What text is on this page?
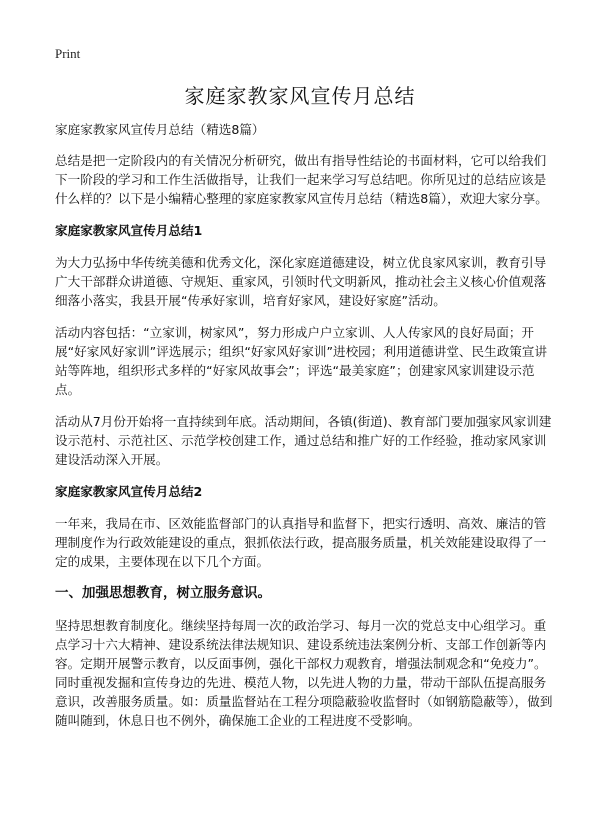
Print
家庭家教家风宣传月总结

家庭家教家风宣传月总结（精选8篇）

总结是把一定阶段内的有关情况分析研究，做出有指导性结论的书面材料，它可以给我们下一阶段的学习和工作生活做指导，让我们一起来学习写总结吧。你所见过的总结应该是什么样的？以下是小编精心整理的家庭家教家风宣传月总结（精选8篇），欢迎大家分享。

家庭家教家风宣传月总结1

为大力弘扬中华传统美德和优秀文化，深化家庭道德建设，树立优良家风家训，教育引导广大干部群众讲道德、守规矩、重家风，引领时代文明新风，推动社会主义核心价值观落细落小落实，我县开展“传承好家训，培育好家风，建设好家庭”活动。

活动内容包括：“立家训，树家风”，努力形成户户立家训、人人传家风的良好局面；开展“好家风好家训”评选展示；组织“好家风好家训”进校园；利用道德讲堂、民生政策宣讲站等阵地，组织形式多样的“好家风故事会”；评选“最美家庭”；创建家风家训建设示范点。

活动从7月份开始将一直持续到年底。活动期间，各镇(街道)、教育部门要加强家风家训建设示范村、示范社区、示范学校创建工作，通过总结和推广好的工作经验，推动家风家训建设活动深入开展。

家庭家教家风宣传月总结2

一年来，我局在市、区效能监督部门的认真指导和监督下，把实行透明、高效、廉洁的管理制度作为行政效能建设的重点，狠抓依法行政，提高服务质量，机关效能建设取得了一定的成果，主要体现在以下几个方面。

一、加强思想教育，树立服务意识。

坚持思想教育制度化。继续坚持每周一次的政治学习、每月一次的党总支中心组学习。重点学习十六大精神、建设系统法律法规知识、建设系统违法案例分析、支部工作创新等内容。定期开展警示教育，以反面事例，强化干部权力观教育，增强法制观念和“免疫力”。同时重视发掘和宣传身边的先进、模范人物，以先进人物的力量，带动干部队伍提高服务意识，改善服务质量。如：质量监督站在工程分项隐蔽验收监督时（如钢筋隐蔽等），做到随叫随到，休息日也不例外，确保施工企业的工程进度不受影响。
